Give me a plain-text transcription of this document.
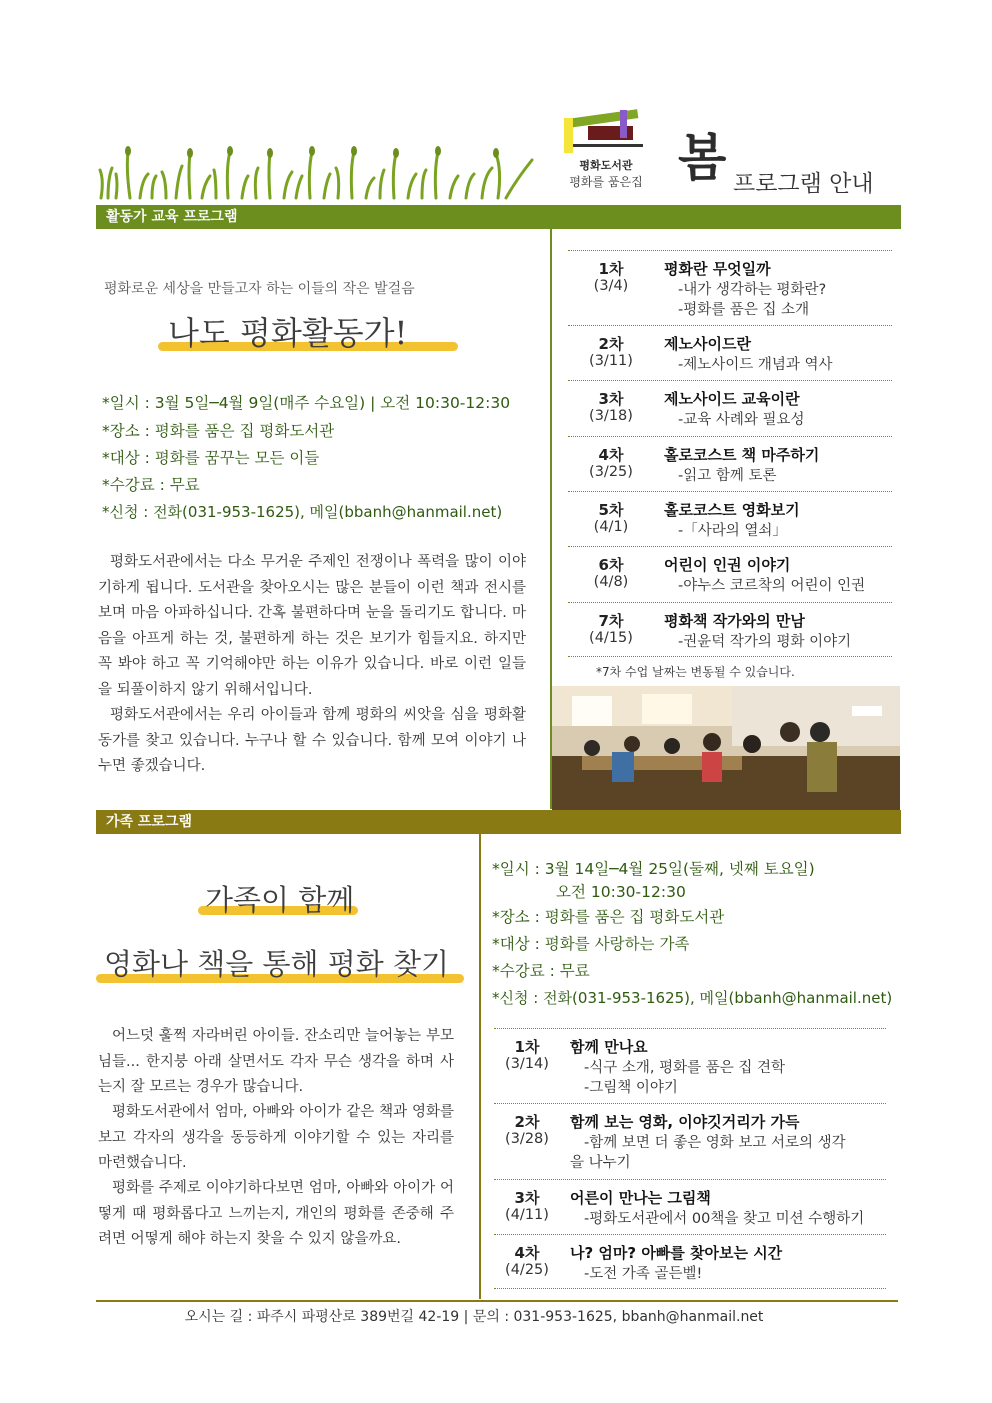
평화도서관
평화를 품은집 봄 프로그램 안내
활동가 교육 프로그램
평화로운 세상을 만들고자 하는 이들의 작은 발걸음
나도 평화활동가!
*일시 : 3월 5일─4월 9일(매주 수요일) | 오전 10:30-12:30
*장소 : 평화를 품은 집 평화도서관
*대상 : 평화를 꿈꾸는 모든 이들
*수강료 : 무료
*신청 : 전화(031-953-1625), 메일(bbanh@hanmail.net)
평화도서관에서는 다소 무거운 주제인 전쟁이나 폭력을 많이 이야기하게 됩니다. 도서관을 찾아오시는 많은 분들이 이런 책과 전시를 보며 마음 아파하십니다. 간혹 불편하다며 눈을 돌리기도 합니다. 마음을 아프게 하는 것, 불편하게 하는 것은 보기가 힘들지요. 하지만 꼭 봐야 하고 꼭 기억해야만 하는 이유가 있습니다. 바로 이런 일들을 되풀이하지 않기 위해서입니다.
평화도서관에서는 우리 아이들과 함께 평화의 씨앗을 심을 평화활동가를 찾고 있습니다. 누구나 할 수 있습니다. 함께 모여 이야기 나누면 좋겠습니다.
1차
(3/4)
평화란 무엇일까
-내가 생각하는 평화란?
-평화를 품은 집 소개
2차
(3/11)
제노사이드란
-제노사이드 개념과 역사
3차
(3/18)
제노사이드 교육이란
-교육 사례와 필요성
4차
(3/25)
홀로코스트 책 마주하기
-읽고 함께 토론
5차
(4/1)
홀로코스트 영화보기
-「사라의 열쇠」
6차
(4/8)
어린이 인권 이야기
-야누스 코르착의 어린이 인권
7차
(4/15)
평화책 작가와의 만남
-권윤덕 작가의 평화 이야기
*7차 수업 날짜는 변동될 수 있습니다.
가족 프로그램
가족이 함께
영화나 책을 통해 평화 찾기
어느덧 훌쩍 자라버린 아이들. 잔소리만 늘어놓는 부모님들... 한지붕 아래 살면서도 각자 무슨 생각을 하며 사는지 잘 모르는 경우가 많습니다.
평화도서관에서 엄마, 아빠와 아이가 같은 책과 영화를 보고 각자의 생각을 동등하게 이야기할 수 있는 자리를 마련했습니다.
평화를 주제로 이야기하다보면 엄마, 아빠와 아이가 어떻게 때 평화롭다고 느끼는지, 개인의 평화를 존중해 주려면 어떻게 해야 하는지 찾을 수 있지 않을까요.
*일시 : 3월 14일─4월 25일(둘째, 넷째 토요일)
오전 10:30-12:30
*장소 : 평화를 품은 집 평화도서관
*대상 : 평화를 사랑하는 가족
*수강료 : 무료
*신청 : 전화(031-953-1625), 메일(bbanh@hanmail.net)
1차
(3/14)
함께 만나요
-식구 소개, 평화를 품은 집 견학
-그림책 이야기
2차
(3/28)
함께 보는 영화, 이야깃거리가 가득
-함께 보면 더 좋은 영화 보고 서로의 생각
을 나누기
3차
(4/11)
어른이 만나는 그림책
-평화도서관에서 00책을 찾고 미션 수행하기
4차
(4/25)
나? 엄마? 아빠를 찾아보는 시간
-도전 가족 골든벨!
오시는 길 : 파주시 파평산로 389번길 42-19 | 문의 : 031-953-1625, bbanh@hanmail.net
